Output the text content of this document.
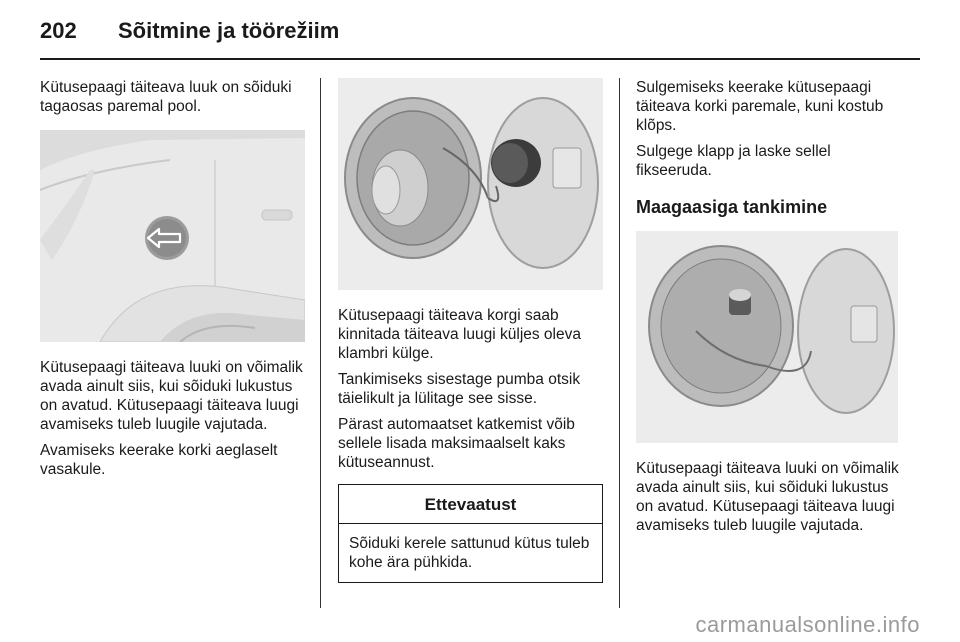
202 Sõitmine ja töörežiim

Kütusepaagi täiteava luuk on sõiduki tagaosas paremal pool.

Kütusepaagi täiteava luuki on võimalik avada ainult siis, kui sõiduki lukustus on avatud. Kütusepaagi täiteava luugi avamiseks tuleb luugile vajutada.

Avamiseks keerake korki aeglaselt vasakule.

Kütusepaagi täiteava korgi saab kinnitada täiteava luugi küljes oleva klambri külge.

Tankimiseks sisestage pumba otsik täielikult ja lülitage see sisse.

Pärast automaatset katkemist võib sellele lisada maksimaalselt kaks kütuseannust.

Ettevaatust
Sõiduki kerele sattunud kütus tuleb kohe ära pühkida.

Sulgemiseks keerake kütusepaagi täiteava korki paremale, kuni kostub klõps.

Sulgege klapp ja laske sellel fikseeruda.

Maagaasiga tankimine

Kütusepaagi täiteava luuki on võimalik avada ainult siis, kui sõiduki lukustus on avatud. Kütusepaagi täiteava luugi avamiseks tuleb luugile vajutada.

carmanualsonline.info
